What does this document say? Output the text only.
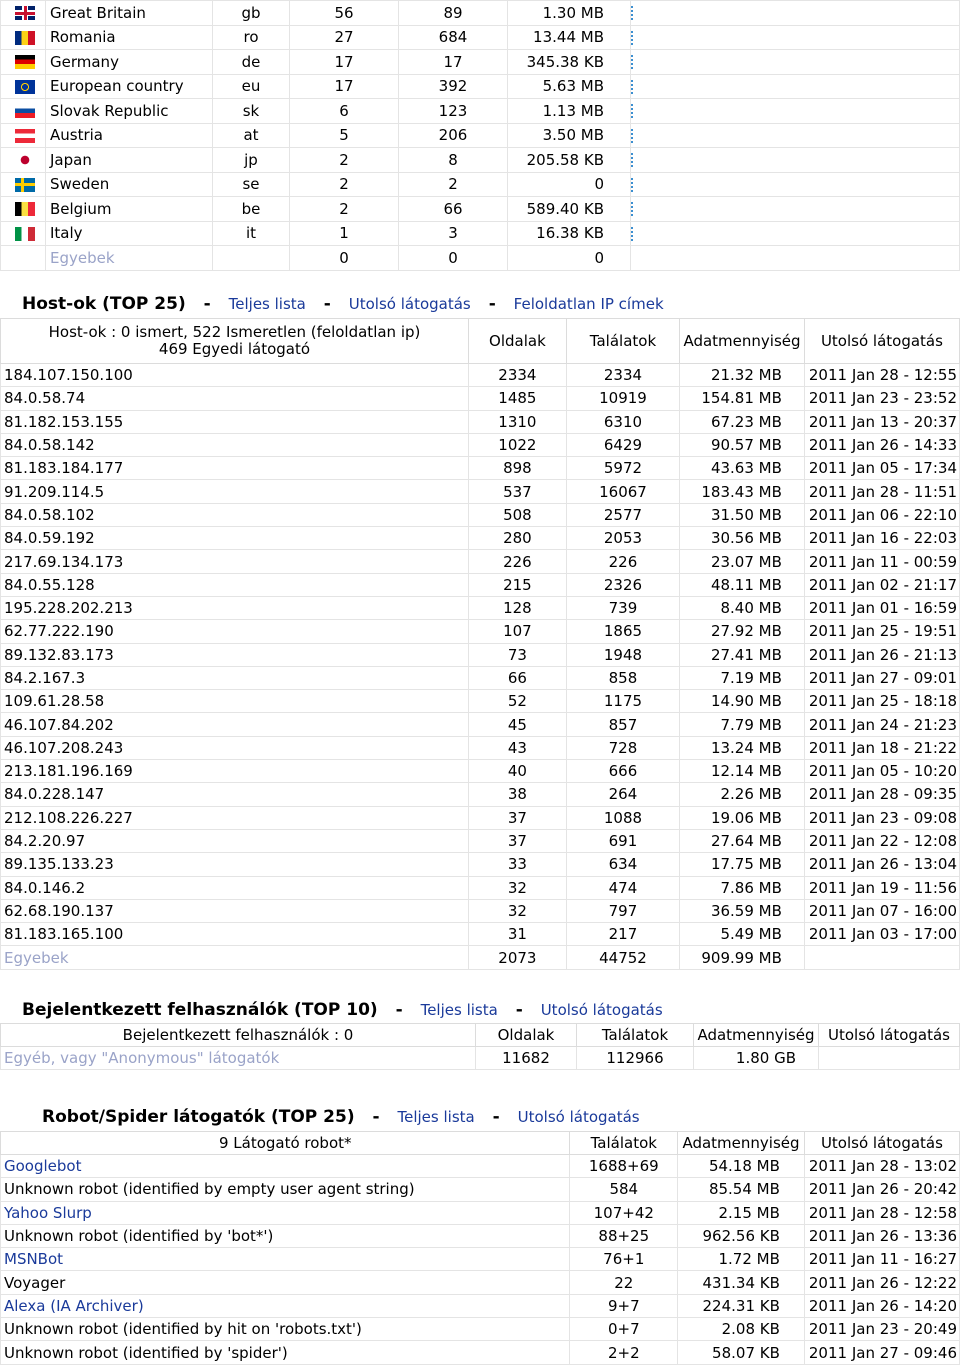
	Great Britain	gb	56	89	1.30 MB	
	Romania	ro	27	684	13.44 MB	
	Germany	de	17	17	345.38 KB	
	European country	eu	17	392	5.63 MB	
	Slovak Republic	sk	6	123	1.13 MB	
	Austria	at	5	206	3.50 MB	
	Japan	jp	2	8	205.58 KB	
	Sweden	se	2	2	0	
	Belgium	be	2	66	589.40 KB	
	Italy	it	1	3	16.38 KB	
	Egyebek		0	0	0	
Host-ok (TOP 25) - Teljes lista - Utolsó látogatás - Feloldatlan IP címek
Host-ok : 0 ismert, 522 Ismeretlen (feloldatlan ip)
469 Egyedi látogató	Oldalak	Találatok	Adatmennyiség	Utolsó látogatás
184.107.150.100	2334	2334	21.32 MB	2011 Jan 28 - 12:55
84.0.58.74	1485	10919	154.81 MB	2011 Jan 23 - 23:52
81.182.153.155	1310	6310	67.23 MB	2011 Jan 13 - 20:37
84.0.58.142	1022	6429	90.57 MB	2011 Jan 26 - 14:33
81.183.184.177	898	5972	43.63 MB	2011 Jan 05 - 17:34
91.209.114.5	537	16067	183.43 MB	2011 Jan 28 - 11:51
84.0.58.102	508	2577	31.50 MB	2011 Jan 06 - 22:10
84.0.59.192	280	2053	30.56 MB	2011 Jan 16 - 22:03
217.69.134.173	226	226	23.07 MB	2011 Jan 11 - 00:59
84.0.55.128	215	2326	48.11 MB	2011 Jan 02 - 21:17
195.228.202.213	128	739	8.40 MB	2011 Jan 01 - 16:59
62.77.222.190	107	1865	27.92 MB	2011 Jan 25 - 19:51
89.132.83.173	73	1948	27.41 MB	2011 Jan 26 - 21:13
84.2.167.3	66	858	7.19 MB	2011 Jan 27 - 09:01
109.61.28.58	52	1175	14.90 MB	2011 Jan 25 - 18:18
46.107.84.202	45	857	7.79 MB	2011 Jan 24 - 21:23
46.107.208.243	43	728	13.24 MB	2011 Jan 18 - 21:22
213.181.196.169	40	666	12.14 MB	2011 Jan 05 - 10:20
84.0.228.147	38	264	2.26 MB	2011 Jan 28 - 09:35
212.108.226.227	37	1088	19.06 MB	2011 Jan 23 - 09:08
84.2.20.97	37	691	27.64 MB	2011 Jan 22 - 12:08
89.135.133.23	33	634	17.75 MB	2011 Jan 26 - 13:04
84.0.146.2	32	474	7.86 MB	2011 Jan 19 - 11:56
62.68.190.137	32	797	36.59 MB	2011 Jan 07 - 16:00
81.183.165.100	31	217	5.49 MB	2011 Jan 03 - 17:00
Egyebek	2073	44752	909.99 MB	
Bejelentkezett felhasználók (TOP 10) - Teljes lista - Utolsó látogatás
Bejelentkezett felhasználók : 0	Oldalak	Találatok	Adatmennyiség	Utolsó látogatás
Egyéb, vagy "Anonymous" látogatók	11682	112966	1.80 GB	
Robot/Spider látogatók (TOP 25) - Teljes lista - Utolsó látogatás
9 Látogató robot*	Találatok	Adatmennyiség	Utolsó látogatás
Googlebot	1688+69	54.18 MB	2011 Jan 28 - 13:02
Unknown robot (identified by empty user agent string)	584	85.54 MB	2011 Jan 26 - 20:42
Yahoo Slurp	107+42	2.15 MB	2011 Jan 28 - 12:58
Unknown robot (identified by 'bot*')	88+25	962.56 KB	2011 Jan 26 - 13:36
MSNBot	76+1	1.72 MB	2011 Jan 11 - 16:27
Voyager	22	431.34 KB	2011 Jan 26 - 12:22
Alexa (IA Archiver)	9+7	224.31 KB	2011 Jan 26 - 14:20
Unknown robot (identified by hit on 'robots.txt')	0+7	2.08 KB	2011 Jan 23 - 20:49
Unknown robot (identified by 'spider')	2+2	58.07 KB	2011 Jan 27 - 09:46
